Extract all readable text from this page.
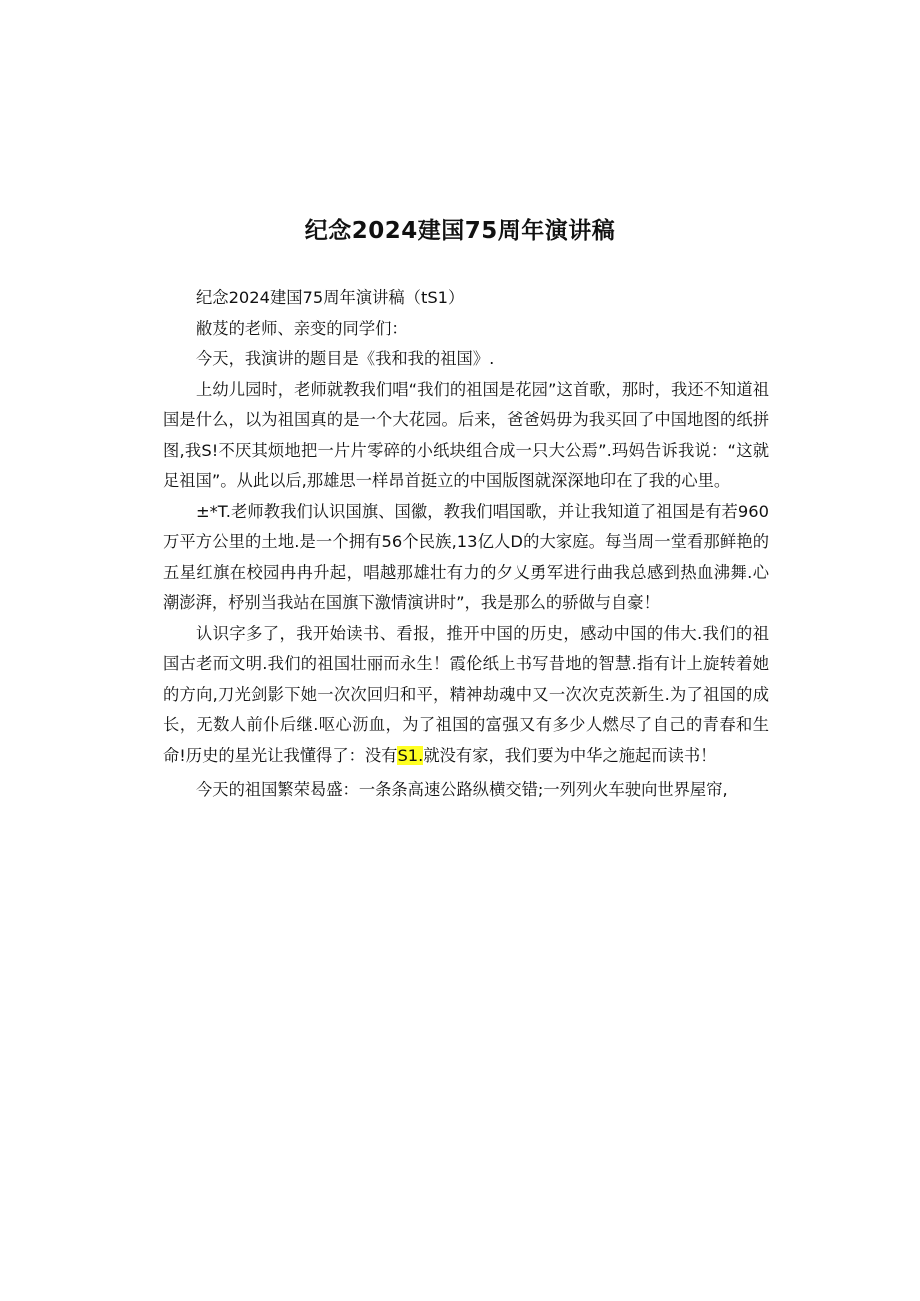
纪念2024建国75周年演讲稿

纪念2024建国75周年演讲稿（tS1）

敝芨的老师、亲变的同学们：

今天，我演讲的题目是《我和我的祖国》.

上幼儿园时，老师就教我们唱“我们的祖国是花园”这首歌，那时，我还不知道祖国是什么，以为祖国真的是一个大花园。后来，爸爸妈毋为我买回了中国地图的纸拼图,我S!不厌其烦地把一片片零碎的小纸块组合成一只大公焉”.玛妈告诉我说：“这就足祖国”。从此以后,那雄思一样昂首挺立的中国版图就深深地印在了我的心里。

±*T.老师教我们认识国旗、国徽，教我们唱国歌，并让我知道了祖国是有若960万平方公里的土地.是一个拥有56个民族,13亿人D的大家庭。每当周一堂看那鲜艳的五星红旗在校园冉冉升起，唱越那雄壮有力的夕乂勇军进行曲我总感到热血沸舞.心潮澎湃，杼别当我站在国旗下激情演讲时”，我是那么的骄做与自豪！

认识字多了，我开始读书、看报，推开中国的历史，感动中国的伟大.我们的祖国古老而文明.我们的祖国壮丽而永生！霞伦纸上书写昔地的智慧.指有计上旋转着她的方向,刀光剑影下她一次次回归和平，精神劫魂中又一次次克茨新生.为了祖国的成长，无数人前仆后继.呕心沥血，为了祖国的富强又有多少人燃尽了自己的青春和生命!历史的星光让我懂得了：没有S1.就没有家，我们要为中华之施起而读书！

今天的祖国繁荣曷盛：一条条高速公路纵横交错;一列列火车驶向世界屋帘,
